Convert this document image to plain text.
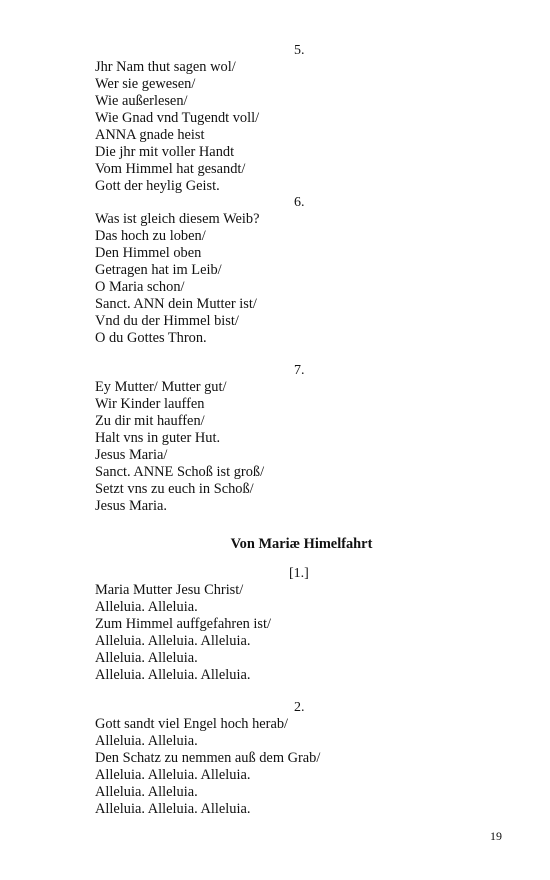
5.
Jhr Nam thut sagen wol/
Wer sie gewesen/
Wie außerlesen/
Wie Gnad vnd Tugendt voll/
ANNA gnade heist
Die jhr mit voller Handt
Vom Himmel hat gesandt/
Gott der heylig Geist.
6.
Was ist gleich diesem Weib?
Das hoch zu loben/
Den Himmel oben
Getragen hat im Leib/
O Maria schon/
Sanct. ANN dein Mutter ist/
Vnd du der Himmel bist/
O du Gottes Thron.
7.
Ey Mutter/ Mutter gut/
Wir Kinder lauffen
Zu dir mit hauffen/
Halt vns in guter Hut.
Jesus Maria/
Sanct. ANNE Schoß ist groß/
Setzt vns zu euch in Schoß/
Jesus Maria.
Von Mariæ Himelfahrt
[1.]
Maria Mutter Jesu Christ/
Alleluia. Alleluia.
Zum Himmel auffgefahren ist/
Alleluia. Alleluia. Alleluia.
Alleluia. Alleluia.
Alleluia. Alleluia. Alleluia.
2.
Gott sandt viel Engel hoch herab/
Alleluia. Alleluia.
Den Schatz zu nemmen auß dem Grab/
Alleluia. Alleluia. Alleluia.
Alleluia. Alleluia.
Alleluia. Alleluia. Alleluia.
19
